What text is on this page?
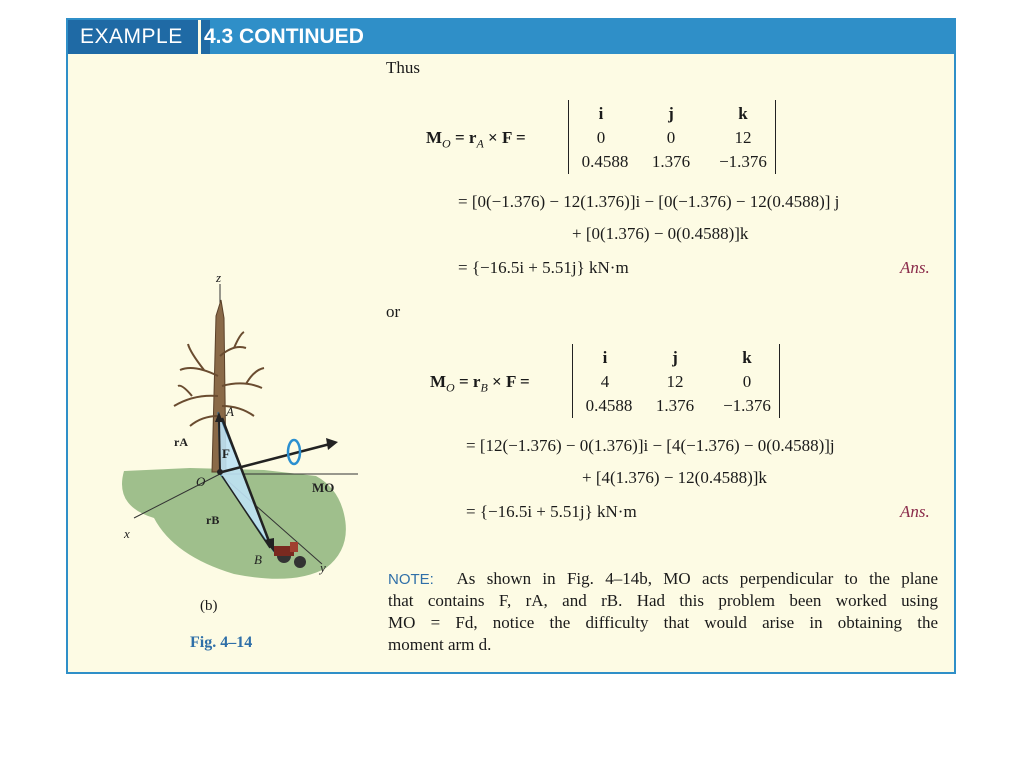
EXAMPLE	4.3 CONTINUED
Thus
$M_O = r_A \times F$ =
i	j	k
0	0	12
0.4588	1.376	−1.376
= [0(−1.376) − 12(1.376)]i − [0(−1.376) − 12(0.4588)] j
+ [0(1.376) − 0(0.4588)]k
= {−16.5i + 5.51j} kN·m	Ans.
or
$M_O = r_B \times F$ =
i	j	k
4	12	0
0.4588	1.376	−1.376
= [12(−1.376) − 0(1.376)]i − [4(−1.376) − 0(0.4588)]j
+ [4(1.376) − 12(0.4588)]k
= {−16.5i + 5.51j} kN·m	Ans.
NOTE: As shown in Fig. 4–14b, MO acts perpendicular to the plane
that contains F, rA, and rB. Had this problem been worked using
MO = Fd, notice the difficulty that would arise in obtaining the
moment arm d.
z
x
y
A
B
O
rA
rB
F
MO
(b)
Fig. 4–14
